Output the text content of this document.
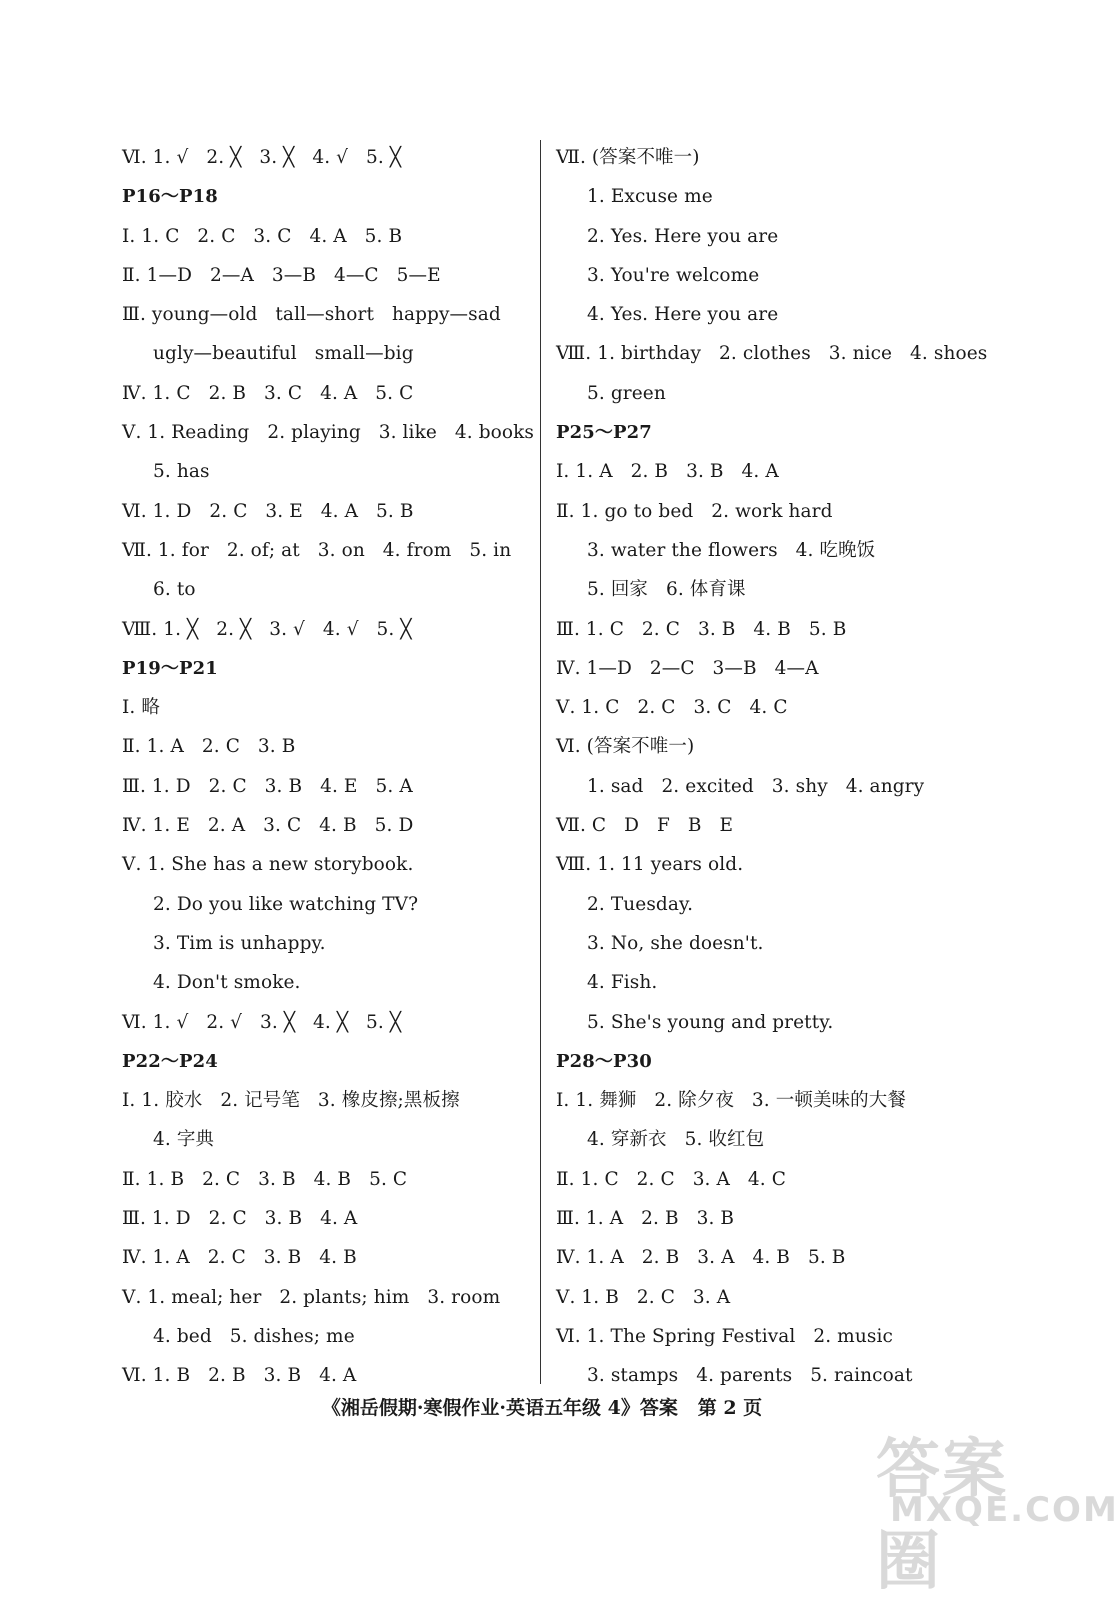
Ⅵ. 1. √   2. ╳   3. ╳   4. √   5. ╳
P16～P18
Ⅰ. 1. C   2. C   3. C   4. A   5. B
Ⅱ. 1—D   2—A   3—B   4—C   5—E
Ⅲ. young—old   tall—short   happy—sad
ugly—beautiful   small—big
Ⅳ. 1. C   2. B   3. C   4. A   5. C
Ⅴ. 1. Reading   2. playing   3. like   4. books
5. has
Ⅵ. 1. D   2. C   3. E   4. A   5. B
Ⅶ. 1. for   2. of; at   3. on   4. from   5. in
6. to
Ⅷ. 1. ╳   2. ╳   3. √   4. √   5. ╳
P19～P21
Ⅰ. 略
Ⅱ. 1. A   2. C   3. B
Ⅲ. 1. D   2. C   3. B   4. E   5. A
Ⅳ. 1. E   2. A   3. C   4. B   5. D
Ⅴ. 1. She has a new storybook.
2. Do you like watching TV?
3. Tim is unhappy.
4. Don't smoke.
Ⅵ. 1. √   2. √   3. ╳   4. ╳   5. ╳
P22～P24
Ⅰ. 1. 胶水   2. 记号笔   3. 橡皮擦;黑板擦
4. 字典
Ⅱ. 1. B   2. C   3. B   4. B   5. C
Ⅲ. 1. D   2. C   3. B   4. A
Ⅳ. 1. A   2. C   3. B   4. B
Ⅴ. 1. meal; her   2. plants; him   3. room
4. bed   5. dishes; me
Ⅵ. 1. B   2. B   3. B   4. A
Ⅶ. (答案不唯一)
1. Excuse me
2. Yes. Here you are
3. You're welcome
4. Yes. Here you are
Ⅷ. 1. birthday   2. clothes   3. nice   4. shoes
5. green
P25～P27
Ⅰ. 1. A   2. B   3. B   4. A
Ⅱ. 1. go to bed   2. work hard
3. water the flowers   4. 吃晚饭
5. 回家   6. 体育课
Ⅲ. 1. C   2. C   3. B   4. B   5. B
Ⅳ. 1—D   2—C   3—B   4—A
Ⅴ. 1. C   2. C   3. C   4. C
Ⅵ. (答案不唯一)
1. sad   2. excited   3. shy   4. angry
Ⅶ. C   D   F   B   E
Ⅷ. 1. 11 years old.
2. Tuesday.
3. No, she doesn't.
4. Fish.
5. She's young and pretty.
P28～P30
Ⅰ. 1. 舞狮   2. 除夕夜   3. 一顿美味的大餐
4. 穿新衣   5. 收红包
Ⅱ. 1. C   2. C   3. A   4. C
Ⅲ. 1. A   2. B   3. B
Ⅳ. 1. A   2. B   3. A   4. B   5. B
Ⅴ. 1. B   2. C   3. A
Ⅵ. 1. The Spring Festival   2. music
3. stamps   4. parents   5. raincoat
《湘岳假期·寒假作业·英语五年级 4》答案   第 2 页
答案圈
MXQE.COM
